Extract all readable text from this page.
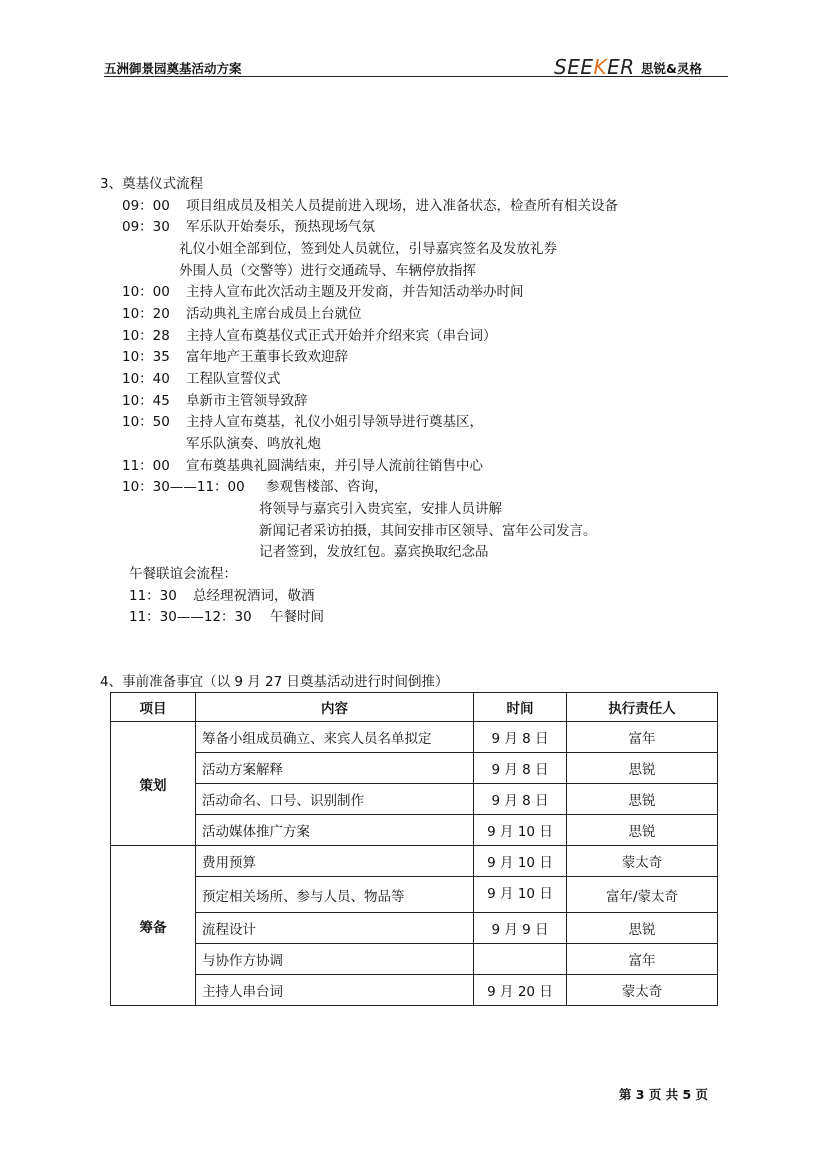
五洲御景园奠基活动方案	SEEKER 思锐&灵格
3、奠基仪式流程
09：00 项目组成员及相关人员提前进入现场，进入准备状态，检查所有相关设备
09：30 军乐队开始奏乐，预热现场气氛
礼仪小姐全部到位，签到处人员就位，引导嘉宾签名及发放礼券
外围人员（交警等）进行交通疏导、车辆停放指挥
10：00 主持人宣布此次活动主题及开发商，并告知活动举办时间
10：20 活动典礼主席台成员上台就位
10：28 主持人宣布奠基仪式正式开始并介绍来宾（串台词）
10：35 富年地产王董事长致欢迎辞
10：40 工程队宣誓仪式
10：45 阜新市主管领导致辞
10：50 主持人宣布奠基，礼仪小姐引导领导进行奠基区，
军乐队演奏、鸣放礼炮
11：00 宣布奠基典礼圆满结束，并引导人流前往销售中心
10：30——11：00 参观售楼部、咨询，
将领导与嘉宾引入贵宾室，安排人员讲解
新闻记者采访拍摄，其间安排市区领导、富年公司发言。
记者签到，发放红包。嘉宾换取纪念品
午餐联谊会流程：
11：30 总经理祝酒词，敬酒
11：30——12：30 午餐时间
4、事前准备事宜（以 9 月 27 日奠基活动进行时间倒推）
项目	内容	时间	执行责任人
策划	筹备小组成员确立、来宾人员名单拟定	9 月 8 日	富年
	活动方案解释	9 月 8 日	思锐
	活动命名、口号、识别制作	9 月 8 日	思锐
	活动媒体推广方案	9 月 10 日	思锐
筹备	费用预算	9 月 10 日	蒙太奇
	预定相关场所、参与人员、物品等	9 月 10 日	富年/蒙太奇
	流程设计	9 月 9 日	思锐
	与协作方协调		富年
	主持人串台词	9 月 20 日	蒙太奇
第 3 页 共 5 页
